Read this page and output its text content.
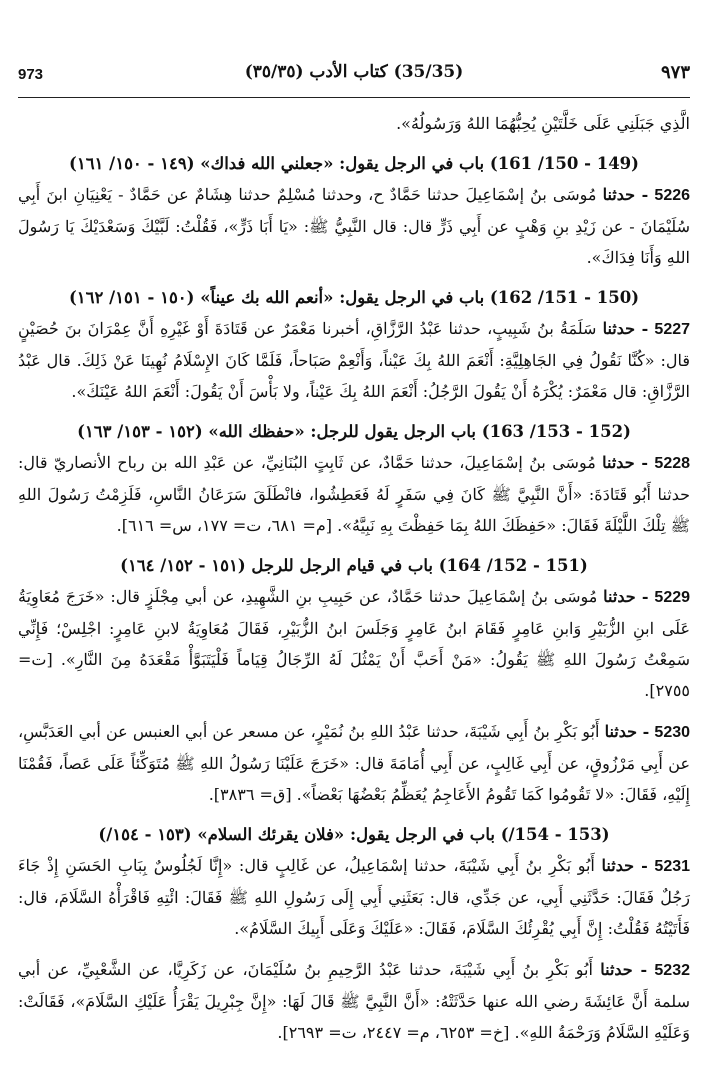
973	(35/35) كتاب الأدب (٣٥/٣٥)	٩٧٣

الَّذِي جَبَلَنِي عَلَى خَلَّتَيْنِ يُحِبُّهُمَا اللهُ وَرَسُولُهُ».

(149 - 150/ 161) باب في الرجل يقول: «جعلني الله فداك» (١٤٩ - ١٥٠/ ١٦١)

5226 - حدثنا مُوسَى بنُ إسْمَاعِيلَ حدثنا حَمَّادٌ ح، وحدثنا مُسْلِمٌ حدثنا هِشَامٌ عن حَمَّادٌ - يَعْنِيَانِ ابنَ أَبِي سُلَيْمَانَ - عن زَيْدِ بنِ وَهْبٍ عن أَبِي ذَرٍّ قال: قال النَّبِيُّ ﷺ: «يَا أَبَا ذَرٍّ»، فَقُلْتُ: لَبَّيْكَ وَسَعْدَيْكَ يَا رَسُولَ اللهِ وَأَنَا فِدَاكَ».

(150 - 151/ 162) باب في الرجل يقول: «أنعم الله بك عيناً» (١٥٠ - ١٥١/ ١٦٢)

5227 - حدثنا سَلَمَةُ بنُ شَبِيبٍ، حدثنا عَبْدُ الرَّزَّاقِ، أخبرنا مَعْمَرٌ عن قَتَادَةَ أَوْ غَيْرِهِ أَنَّ عِمْرَانَ بنَ حُصَيْنٍ قال: «كُنَّا نَقُولُ فِي الجَاهِلِيَّةِ: أَنْعَمَ اللهُ بِكَ عَيْناً، وَأَنْعِمْ صَبَاحاً، فَلَمَّا كَانَ الإِسْلَامُ نُهِينَا عَنْ ذَلِكَ. قال عَبْدُ الرَّزَّاقِ: قال مَعْمَرٌ: يُكْرَهُ أَنْ يَقُولَ الرَّجُلُ: أَنْعَمَ اللهُ بِكَ عَيْناً، ولا بَأْسَ أَنْ يَقُولَ: أَنْعَمَ اللهُ عَيْنَكَ».

(152 - 153/ 163) باب الرجل يقول للرجل: «حفظك الله» (١٥٢ - ١٥٣/ ١٦٣)

5228 - حدثنا مُوسَى بنُ إسْمَاعِيلَ، حدثنا حَمَّادٌ، عن ثَابِتٍ البُنَانِيِّ، عن عَبْدِ الله بن رباح الأنصاريّ قال: حدثنا أَبُو قَتَادَةَ: «أَنَّ النَّبِيَّ ﷺ كَانَ فِي سَفَرٍ لَهُ فَعَطِشُوا، فانْطَلَقَ سَرَعَانُ النَّاسِ، فَلَزِمْتُ رَسُولَ اللهِ ﷺ تِلْكَ اللَّيْلَةَ فَقَالَ: «حَفِظَكَ اللهُ بِمَا حَفِظْتَ بِهِ نَبِيَّهُ». [م= ٦٨١، ت= ١٧٧، س= ٦١٦].

(151 - 152/ 164) باب في قيام الرجل للرجل (١٥١ - ١٥٢/ ١٦٤)

5229 - حدثنا مُوسَى بنُ إسْمَاعِيلَ حدثنا حَمَّادٌ، عن حَبِيبِ بنِ الشَّهِيدِ، عن أبي مِجْلَزٍ قال: «خَرَجَ مُعَاوِيَةُ عَلَى ابنِ الزُّبَيْرِ وَابنِ عَامِرٍ فَقَامَ ابنُ عَامِرٍ وَجَلَسَ ابنُ الزُّبَيْرِ، فَقَالَ مُعَاوِيَةُ لابنِ عَامِرٍ: اجْلِسْ؛ فَإِنِّي سَمِعْتُ رَسُولَ اللهِ ﷺ يَقُولُ: «مَنْ أَحَبَّ أَنْ يَمْثُلَ لَهُ الرِّجَالُ قِيَاماً فَلْيَتَبَوَّأْ مَقْعَدَهُ مِنَ النَّارِ». [ت= ٢٧٥٥].

5230 - حدثنا أَبُو بَكْرِ بنُ أَبِي شَيْبَةَ، حدثنا عَبْدُ اللهِ بنُ نُمَيْرٍ، عن مسعر عن أبي العنبس عن أبي العَدَبَّسِ، عن أَبِي مَرْزُوقٍ، عن أَبِي غَالِبٍ، عن أَبِي أُمَامَةَ قال: «خَرَجَ عَلَيْنَا رَسُولُ اللهِ ﷺ مُتَوَكِّئاً عَلَى عَصاً، فَقُمْنَا إِلَيْهِ، فَقَالَ: «لا تَقُومُوا كَمَا تَقُومُ الأَعَاجِمُ يُعَظِّمُ بَعْضُهَا بَعْضاً». [ق= ٣٨٣٦].

(153 - 154/) باب في الرجل يقول: «فلان يقرئك السلام» (١٥٣ - ١٥٤/)

5231 - حدثنا أَبُو بَكْرِ بنُ أَبِي شَيْبَةَ، حدثنا إسْمَاعِيلُ، عن غَالِبٍ قال: «إِنَّا لَجُلُوسٌ بِبَابِ الحَسَنِ إِذْ جَاءَ رَجُلٌ فَقَالَ: حَدَّثَنِي أَبِي، عن جَدِّي، قال: بَعَثَنِي أَبِي إِلَى رَسُولِ اللهِ ﷺ فَقَالَ: ائْتِهِ فَاقْرَأْهُ السَّلَامَ، قال: فَأَتَيْتُهُ فَقُلْتُ: إِنَّ أَبِي يُقْرِئُكَ السَّلَامَ، فَقَالَ: «عَلَيْكَ وَعَلَى أَبِيكَ السَّلَامُ».

5232 - حدثنا أَبُو بَكْرِ بنُ أَبِي شَيْبَةَ، حدثنا عَبْدُ الرَّحِيمِ بنُ سُلَيْمَانَ، عن زَكَرِيَّا، عن الشَّعْبِيِّ، عن أبي سلمة أَنَّ عَائِشَةَ رضي الله عنها حَدَّثَتْهُ: «أَنَّ النَّبِيَّ ﷺ قَالَ لَهَا: «إِنَّ جِبْرِيلَ يَقْرَأُ عَلَيْكِ السَّلَامَ»، فَقَالَتْ: وَعَلَيْهِ السَّلَامُ وَرَحْمَةُ اللهِ». [خ= ٦٢٥٣، م= ٢٤٤٧، ت= ٢٦٩٣].
